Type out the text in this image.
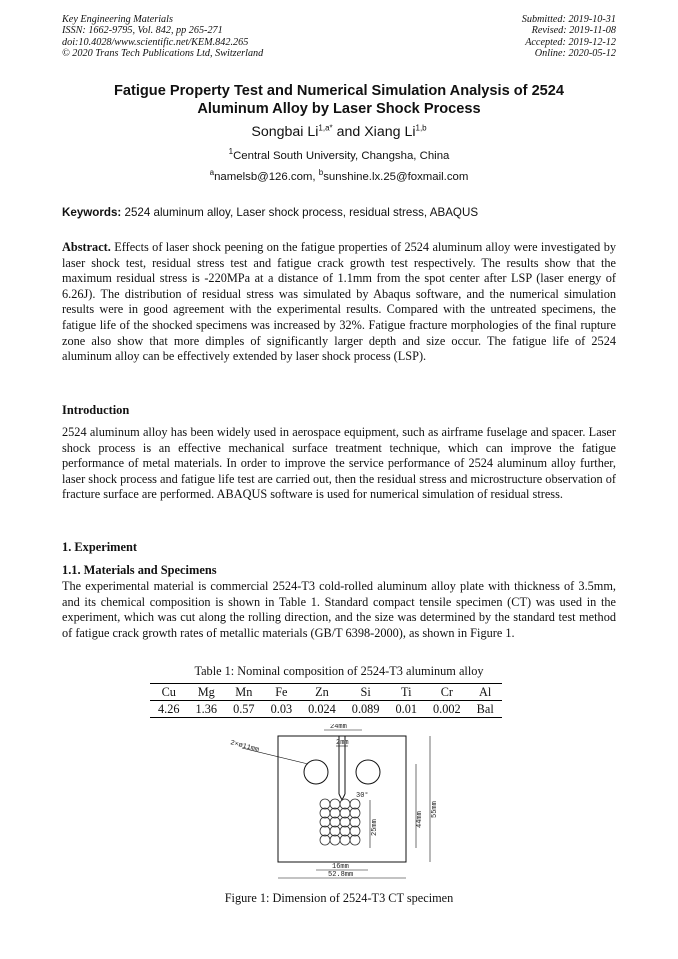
Key Engineering Materials
ISSN: 1662-9795, Vol. 842, pp 265-271
doi:10.4028/www.scientific.net/KEM.842.265
© 2020 Trans Tech Publications Ltd, Switzerland
Submitted: 2019-10-31
Revised: 2019-11-08
Accepted: 2019-12-12
Online: 2020-05-12
Fatigue Property Test and Numerical Simulation Analysis of 2524
Aluminum Alloy by Laser Shock Process
Songbai $Li^{1,a*}$ and Xiang Li$^{1,b}$
$^1$Central South University, Changsha, China
$^a$namelsb@126.com, $^b$sunshine.lx.25@foxmail.com
Keywords: 2524 aluminum alloy, Laser shock process, residual stress, ABAQUS
Abstract. Effects of laser shock peening on the fatigue properties of 2524 aluminum alloy were investigated by laser shock test, residual stress test and fatigue crack growth test respectively. The results show that the maximum residual stress is -220MPa at a distance of 1.1mm from the spot center after LSP (laser energy of 6.26J). The distribution of residual stress was simulated by Abaqus software, and the numerical simulation results were in good agreement with the experimental results. Compared with the untreated specimens, the fatigue life of the shocked specimens was increased by 32%. Fatigue fracture morphologies of the final rupture zone also show that more dimples of significantly larger depth and size occur. The fatigue life of 2524 aluminum alloy can be effectively extended by laser shock process (LSP).
Introduction
2524 aluminum alloy has been widely used in aerospace equipment, such as airframe fuselage and spacer. Laser shock process is an effective mechanical surface treatment technique, which can improve the fatigue performance of metal materials. In order to improve the service performance of 2524 aluminum alloy further, laser shock process and fatigue life test are carried out, then the residual stress and microstructure observation of fracture surface are performed. ABAQUS software is used for numerical simulation of residual stress.
1. Experiment
1.1. Materials and Specimens
The experimental material is commercial 2524-T3 cold-rolled aluminum alloy plate with thickness of 3.5mm, and its chemical composition is shown in Table 1. Standard compact tensile specimen (CT) was used in the experiment, which was cut along the rolling direction, and the size was determined by the standard test method of fatigue crack growth rates of metallic materials (GB/T 6398-2000), as shown in Figure 1.
Table 1: Nominal composition of 2524-T3 aluminum alloy
Cu	Mg	Mn	Fe	Zn	Si	Ti	Cr	Al
4.26	1.36	0.57	0.03	0.024	0.089	0.01	0.002	Bal
24mm
2mm
30°
2×ø11mm
25mm	44mm
55mm
16mm
52.8mm
Figure 1: Dimension of 2524-T3 CT specimen
